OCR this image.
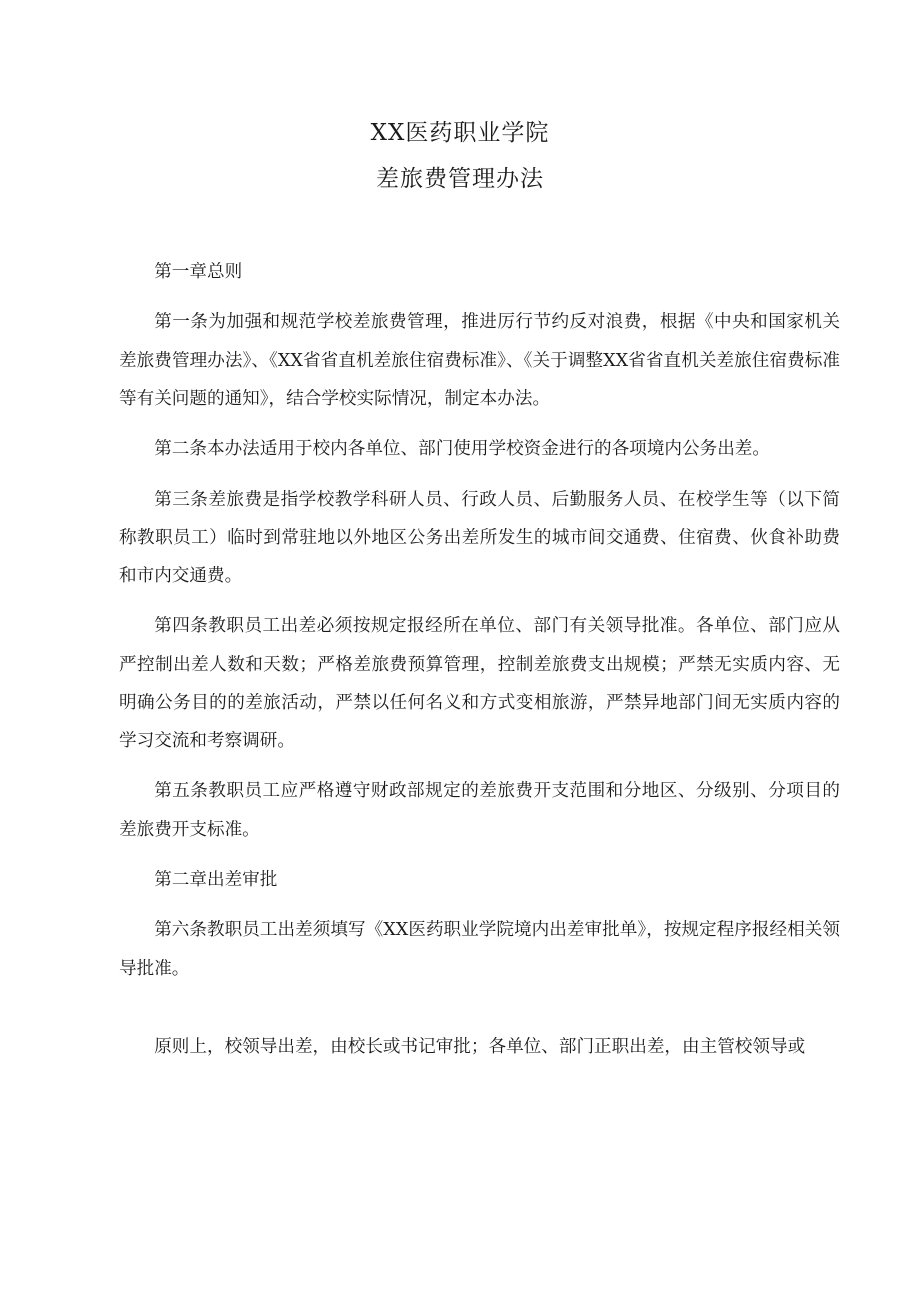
XX医药职业学院
差旅费管理办法

第一章总则

第一条为加强和规范学校差旅费管理，推进厉行节约反对浪费，根据《中央和国家机关差旅费管理办法》、《XX省省直机差旅住宿费标准》、《关于调整XX省省直机关差旅住宿费标准等有关问题的通知》，结合学校实际情况，制定本办法。

第二条本办法适用于校内各单位、部门使用学校资金进行的各项境内公务出差。

第三条差旅费是指学校教学科研人员、行政人员、后勤服务人员、在校学生等（以下简称教职员工）临时到常驻地以外地区公务出差所发生的城市间交通费、住宿费、伙食补助费和市内交通费。

第四条教职员工出差必须按规定报经所在单位、部门有关领导批准。各单位、部门应从严控制出差人数和天数；严格差旅费预算管理，控制差旅费支出规模；严禁无实质内容、无明确公务目的的差旅活动，严禁以任何名义和方式变相旅游，严禁异地部门间无实质内容的学习交流和考察调研。

第五条教职员工应严格遵守财政部规定的差旅费开支范围和分地区、分级别、分项目的差旅费开支标准。

第二章出差审批

第六条教职员工出差须填写《XX医药职业学院境内出差审批单》，按规定程序报经相关领导批准。

原则上，校领导出差，由校长或书记审批；各单位、部门正职出差，由主管校领导或
